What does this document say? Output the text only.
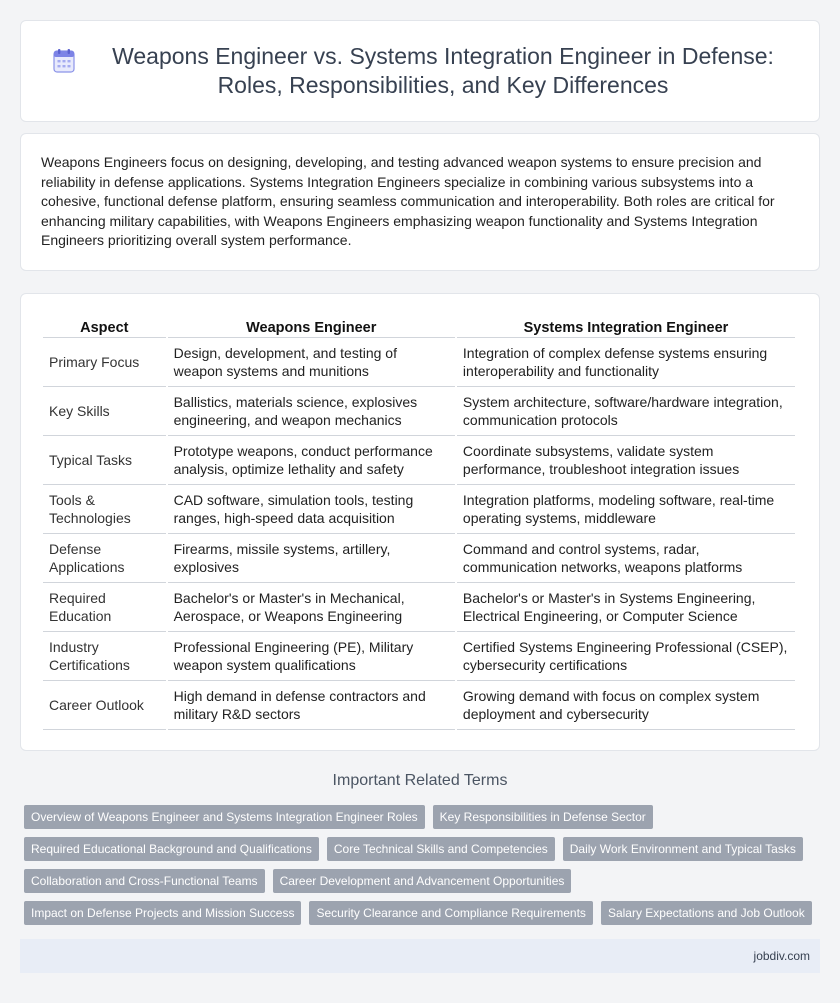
Weapons Engineer vs. Systems Integration Engineer in Defense: Roles, Responsibilities, and Key Differences

Weapons Engineers focus on designing, developing, and testing advanced weapon systems to ensure precision and reliability in defense applications. Systems Integration Engineers specialize in combining various subsystems into a cohesive, functional defense platform, ensuring seamless communication and interoperability. Both roles are critical for enhancing military capabilities, with Weapons Engineers emphasizing weapon functionality and Systems Integration Engineers prioritizing overall system performance.

Aspect	Weapons Engineer	Systems Integration Engineer
Primary Focus	Design, development, and testing of weapon systems and munitions	Integration of complex defense systems ensuring interoperability and functionality
Key Skills	Ballistics, materials science, explosives engineering, and weapon mechanics	System architecture, software/hardware integration, communication protocols
Typical Tasks	Prototype weapons, conduct performance analysis, optimize lethality and safety	Coordinate subsystems, validate system performance, troubleshoot integration issues
Tools & Technologies	CAD software, simulation tools, testing ranges, high-speed data acquisition	Integration platforms, modeling software, real-time operating systems, middleware
Defense Applications	Firearms, missile systems, artillery, explosives	Command and control systems, radar, communication networks, weapons platforms
Required Education	Bachelor's or Master's in Mechanical, Aerospace, or Weapons Engineering	Bachelor's or Master's in Systems Engineering, Electrical Engineering, or Computer Science
Industry Certifications	Professional Engineering (PE), Military weapon system qualifications	Certified Systems Engineering Professional (CSEP), cybersecurity certifications
Career Outlook	High demand in defense contractors and military R&D sectors	Growing demand with focus on complex system deployment and cybersecurity
Important Related Terms
Overview of Weapons Engineer and Systems Integration Engineer Roles	Key Responsibilities in Defense Sector
Required Educational Background and Qualifications	Core Technical Skills and Competencies	Daily Work Environment and Typical Tasks
Collaboration and Cross-Functional Teams	Career Development and Advancement Opportunities
Impact on Defense Projects and Mission Success	Security Clearance and Compliance Requirements	Salary Expectations and Job Outlook
jobdiv.com
